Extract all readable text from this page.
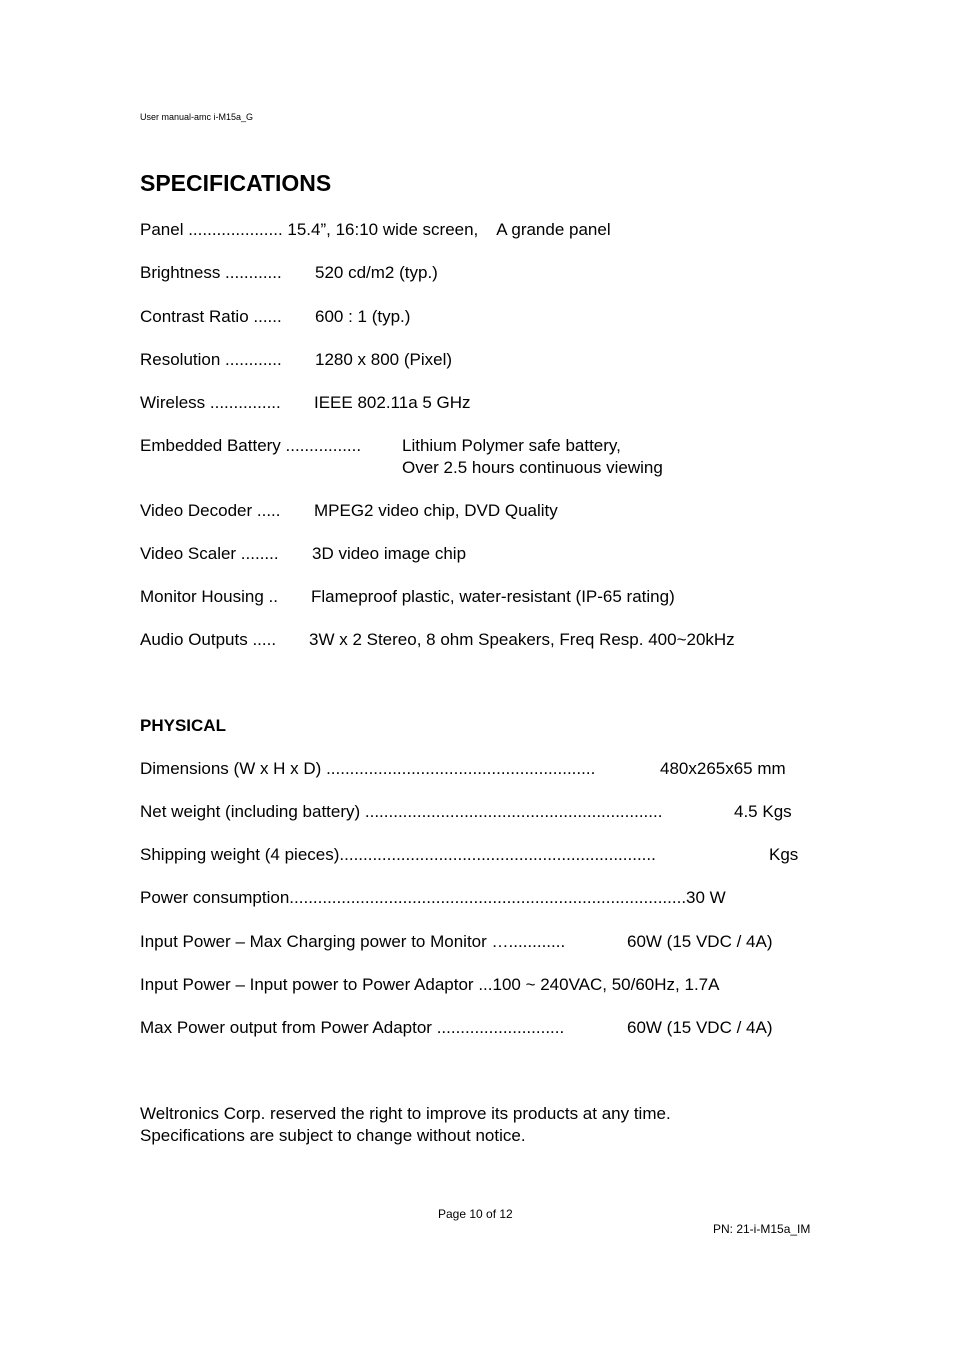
User manual-amc i-M15a_G
SPECIFICATIONS
Panel .................... 15.4”, 16:10 wide screen,    A grande panel
Brightness ............ 520 cd/m2 (typ.)
Contrast Ratio ...... 600 : 1 (typ.)
Resolution ............ 1280 x 800 (Pixel)
Wireless ............... IEEE 802.11a 5 GHz
Embedded Battery ................ Lithium Polymer safe battery,
Over 2.5 hours continuous viewing
Video Decoder ..... MPEG2 video chip, DVD Quality
Video Scaler ........ 3D video image chip
Monitor Housing .. Flameproof plastic, water-resistant (IP-65 rating)
Audio Outputs ..... 3W x 2 Stereo, 8 ohm Speakers, Freq Resp. 400~20kHz
PHYSICAL
Dimensions (W x H x D) .........................................................	480x265x65 mm
Net weight (including battery) ...............................................................	4.5 Kgs
Shipping weight (4 pieces)...................................................................	Kgs
Power consumption....................................................................................30 W
Input Power – Max Charging power to Monitor …............	60W (15 VDC / 4A)
Input Power – Input power to Power Adaptor ...100 ~ 240VAC, 50/60Hz, 1.7A
Max Power output from Power Adaptor ...........................	60W (15 VDC / 4A)
Weltronics Corp. reserved the right to improve its products at any time.
Specifications are subject to change without notice.
Page 10 of 12
PN: 21-i-M15a_IM
